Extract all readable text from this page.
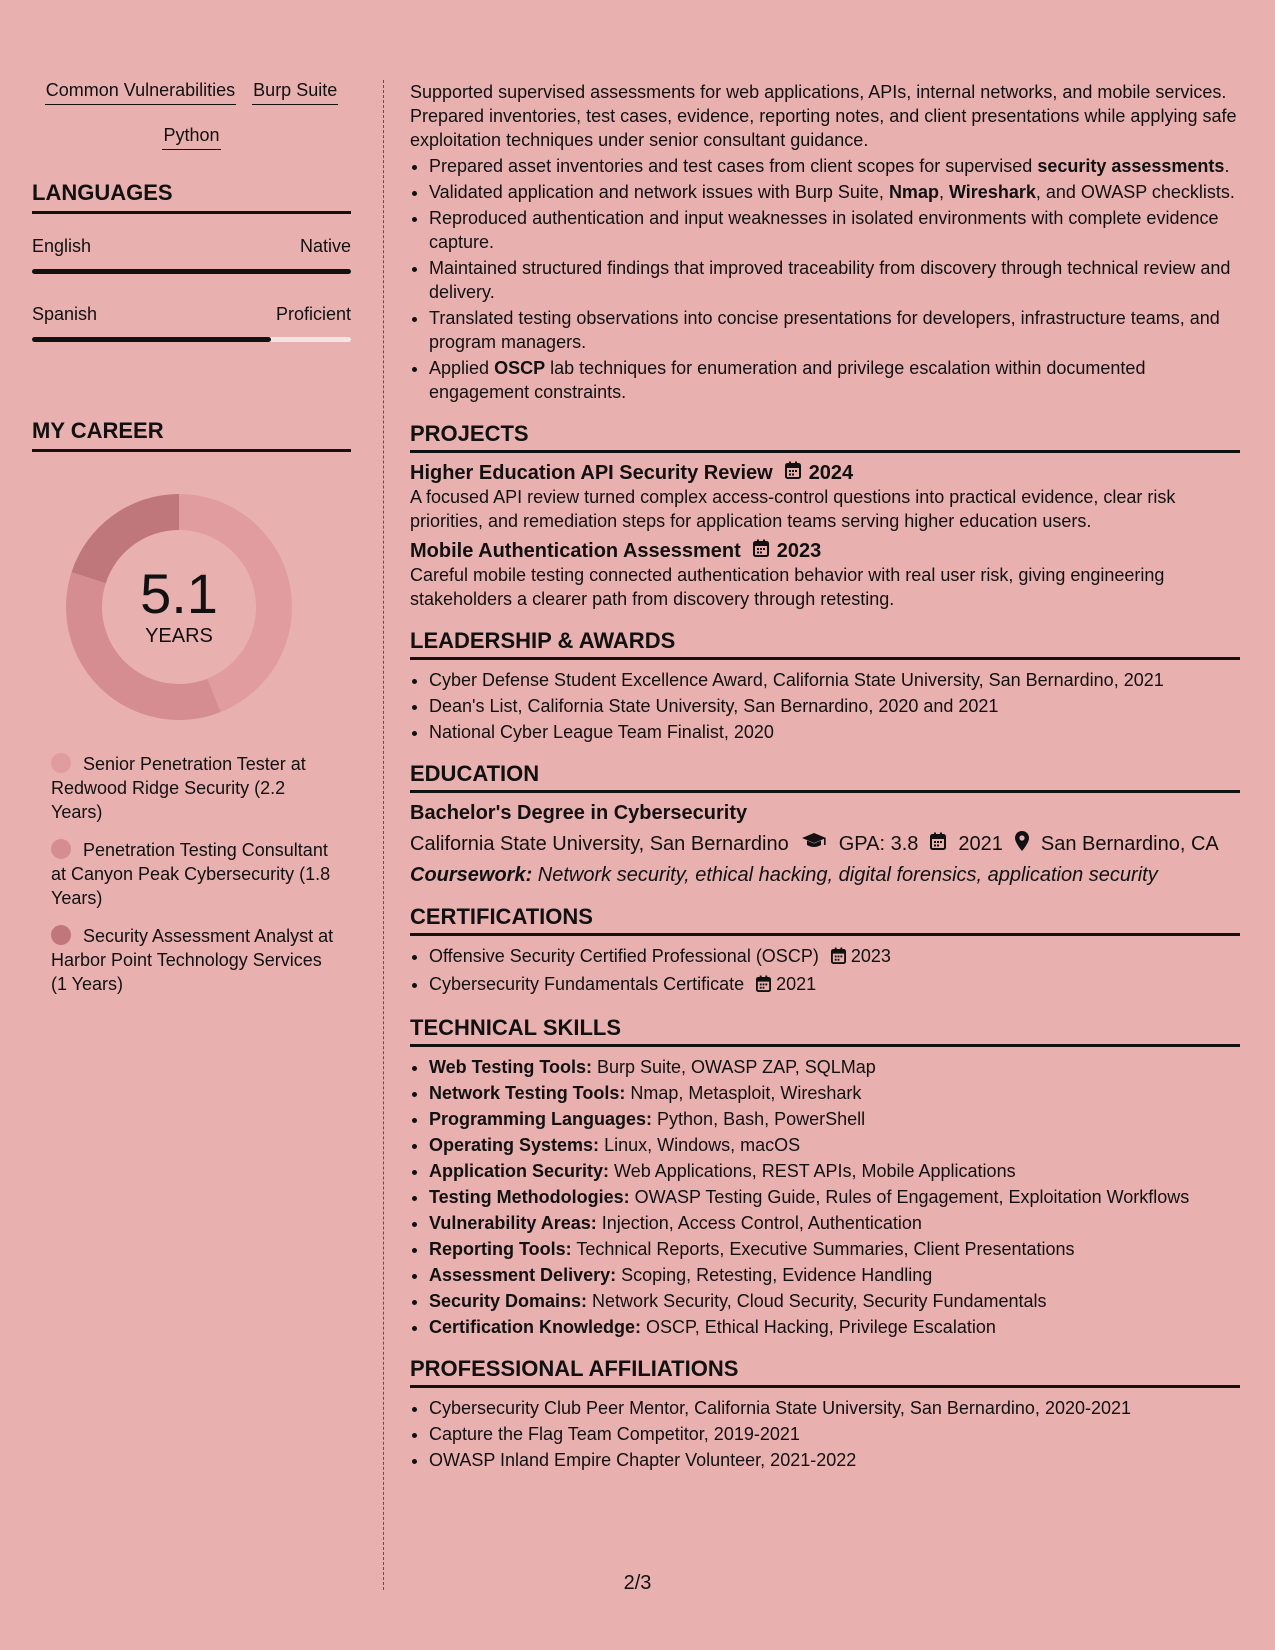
Common Vulnerabilities Burp Suite
Python
LANGUAGES
English	Native
Spanish	Proficient
MY CAREER
5.1
YEARS
Senior Penetration Tester at Redwood Ridge Security (2.2 Years)
Penetration Testing Consultant at Canyon Peak Cybersecurity (1.8 Years)
Security Assessment Analyst at Harbor Point Technology Services (1 Years)

Supported supervised assessments for web applications, APIs, internal networks, and mobile services. Prepared inventories, test cases, evidence, reporting notes, and client presentations while applying safe exploitation techniques under senior consultant guidance.

• Prepared asset inventories and test cases from client scopes for supervised security assessments.
• Validated application and network issues with Burp Suite, Nmap, Wireshark, and OWASP checklists.
• Reproduced authentication and input weaknesses in isolated environments with complete evidence capture.
• Maintained structured findings that improved traceability from discovery through technical review and delivery.
• Translated testing observations into concise presentations for developers, infrastructure teams, and program managers.
• Applied OSCP lab techniques for enumeration and privilege escalation within documented engagement constraints.
PROJECTS
Higher Education API Security Review 2024

A focused API review turned complex access-control questions into practical evidence, clear risk priorities, and remediation steps for application teams serving higher education users.

Mobile Authentication Assessment 2023

Careful mobile testing connected authentication behavior with real user risk, giving engineering stakeholders a clearer path from discovery through retesting.

LEADERSHIP & AWARDS
• Cyber Defense Student Excellence Award, California State University, San Bernardino, 2021
• Dean's List, California State University, San Bernardino, 2020 and 2021
• National Cyber League Team Finalist, 2020
EDUCATION
Bachelor's Degree in Cybersecurity
California State University, San Bernardino	GPA: 3.8 2021 San Bernardino, CA
Coursework: Network security, ethical hacking, digital forensics, application security
CERTIFICATIONS
• Offensive Security Certified Professional (OSCP) 2023
• Cybersecurity Fundamentals Certificate 2021
TECHNICAL SKILLS
• Web Testing Tools: Burp Suite, OWASP ZAP, SQLMap
• Network Testing Tools: Nmap, Metasploit, Wireshark
• Programming Languages: Python, Bash, PowerShell
• Operating Systems: Linux, Windows, macOS
• Application Security: Web Applications, REST APIs, Mobile Applications
• Testing Methodologies: OWASP Testing Guide, Rules of Engagement, Exploitation Workflows
• Vulnerability Areas: Injection, Access Control, Authentication
• Reporting Tools: Technical Reports, Executive Summaries, Client Presentations
• Assessment Delivery: Scoping, Retesting, Evidence Handling
• Security Domains: Network Security, Cloud Security, Security Fundamentals
• Certification Knowledge: OSCP, Ethical Hacking, Privilege Escalation
PROFESSIONAL AFFILIATIONS
• Cybersecurity Club Peer Mentor, California State University, San Bernardino, 2020-2021
• Capture the Flag Team Competitor, 2019-2021
• OWASP Inland Empire Chapter Volunteer, 2021-2022
2/3
